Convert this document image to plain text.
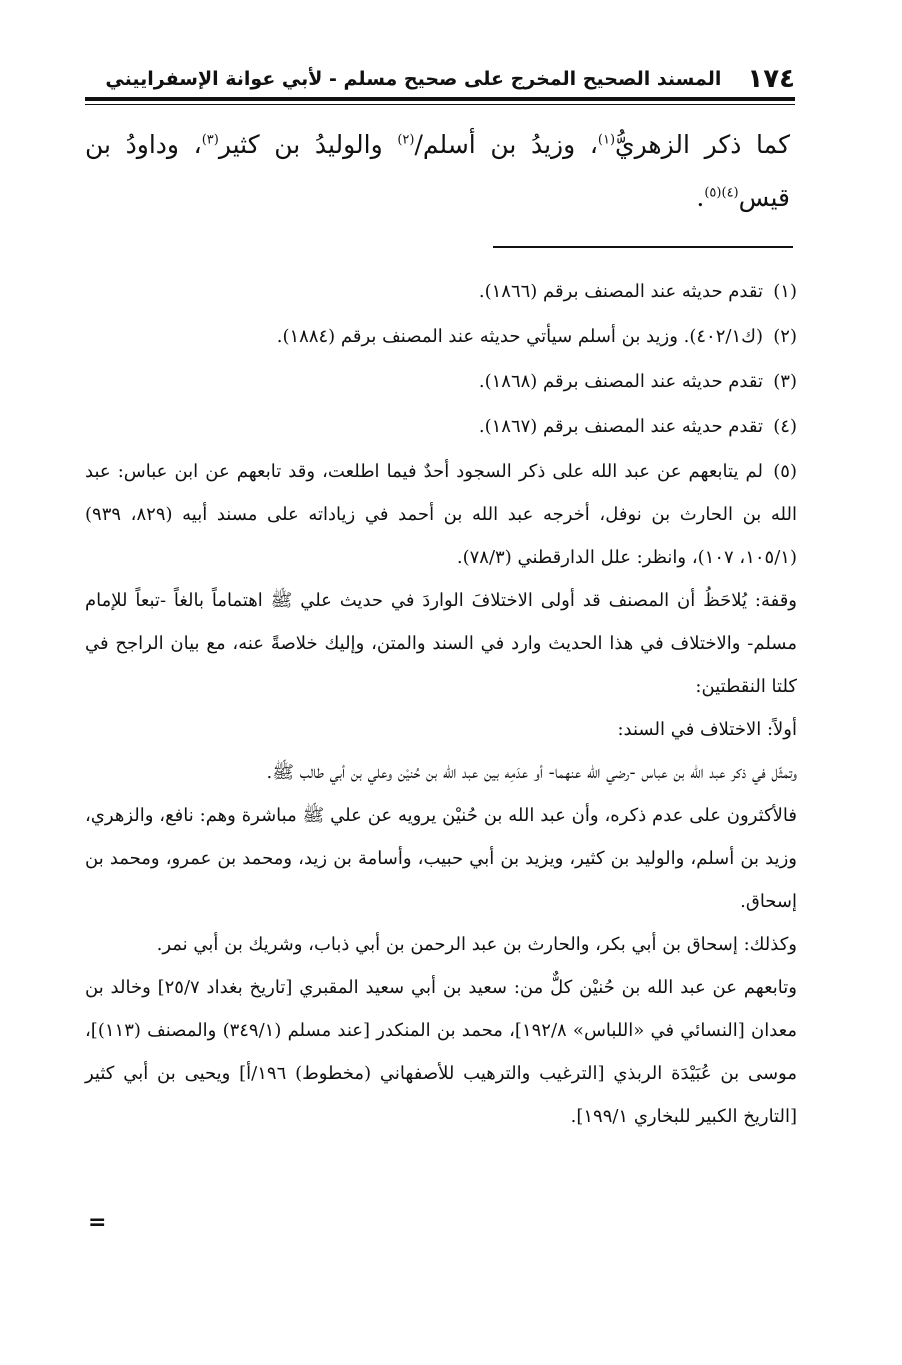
١٧٤
المسند الصحيح المخرج على صحيح مسلم - لأبي عوانة الإسفراييني
كما ذكر الزهريُّ$^{(١)}$، وزيدُ بن أسلم/$^{(٢)}$ والوليدُ بن كثير$^{(٣)}$، وداودُ بن قيس$^{(٤)(٥)}$.
(١)تقدم حديثه عند المصنف برقم (١٨٦٦).
(٢)(ك٤٠٢/١). وزيد بن أسلم سيأتي حديثه عند المصنف برقم (١٨٨٤).
(٣)تقدم حديثه عند المصنف برقم (١٨٦٨).
(٤)تقدم حديثه عند المصنف برقم (١٨٦٧).
(٥)لم يتابعهم عن عبد الله على ذكر السجود أحدٌ فيما اطلعت، وقد تابعهم عن ابن عباس: عبد الله بن الحارث بن نوفل، أخرجه عبد الله بن أحمد في زياداته على مسند أبيه (٨٢٩، ٩٣٩) (١٠٥/١، ١٠٧)، وانظر: علل الدارقطني (٧٨/٣).

وقفة: يُلاحَظُ أن المصنف قد أولى الاختلافَ الواردَ في حديث علي ﷺ اهتماماً بالغاً -تبعاً للإمام مسلم- والاختلاف في هذا الحديث وارد في السند والمتن، وإليك خلاصةً عنه، مع بيان الراجح في كلتا النقطتين:

أولاً: الاختلاف في السند:

وتمثّل في ذكر عبد الله بن عباس -رضي الله عنهما- أو عدَمِه بين عبد الله بن حُنيْن وعلي بن أبي طالب ﷺ.

فالأكثرون على عدم ذكره، وأن عبد الله بن حُنيْن يرويه عن علي ﷺ مباشرة وهم: نافع، والزهري، وزيد بن أسلم، والوليد بن كثير، ويزيد بن أبي حبيب، وأسامة بن زيد، ومحمد بن عمرو، ومحمد بن إسحاق.

وكذلك: إسحاق بن أبي بكر، والحارث بن عبد الرحمن بن أبي ذباب، وشريك بن أبي نمر.

وتابعهم عن عبد الله بن حُنيْن كلٌّ من: سعيد بن أبي سعيد المقبري [تاريخ بغداد ٢٥/٧] وخالد بن معدان [النسائي في «اللباس» ١٩٢/٨]، محمد بن المنكدر [عند مسلم (٣٤٩/١) والمصنف (١١٣)]، موسى بن عُبَيْدَة الربذي [الترغيب والترهيب للأصفهاني (مخطوط) ١٩٦/أ] ويحيى بن أبي كثير [التاريخ الكبير للبخاري ١٩٩/١].

=
